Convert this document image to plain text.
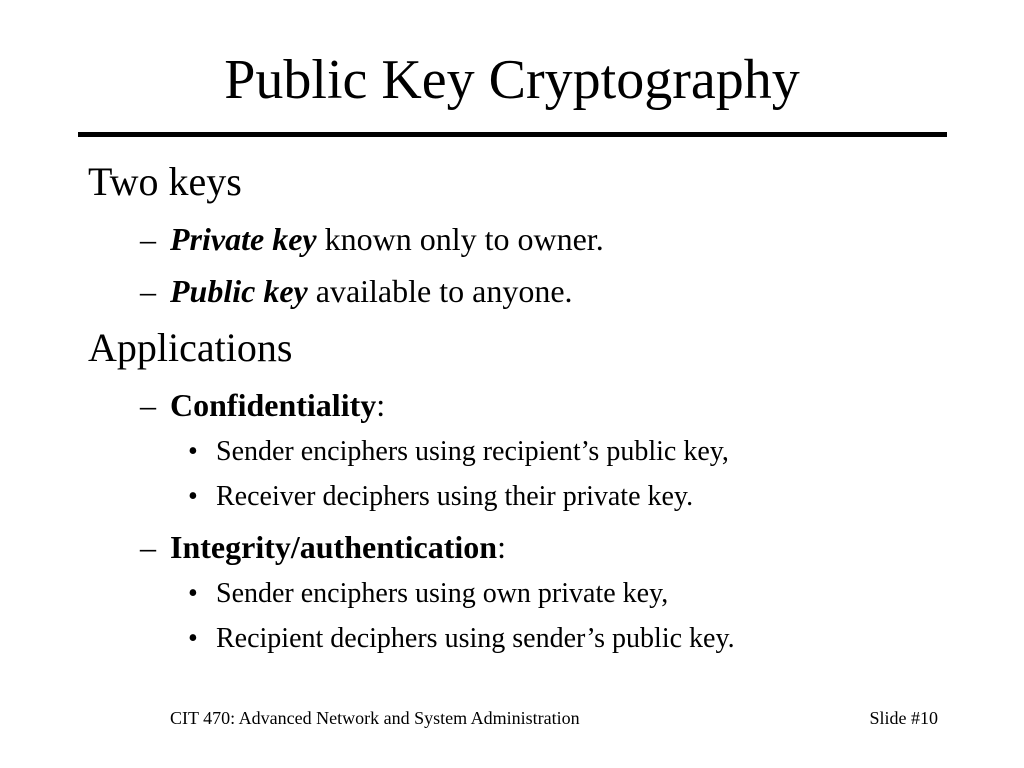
Public Key Cryptography
Two keys
– Private key known only to owner.
– Public key available to anyone.
Applications
– Confidentiality:
• Sender enciphers using recipient’s public key,
• Receiver deciphers using their private key.
– Integrity/authentication:
• Sender enciphers using own private key,
• Recipient deciphers using sender’s public key.
CIT 470: Advanced Network and System Administration	Slide #10
